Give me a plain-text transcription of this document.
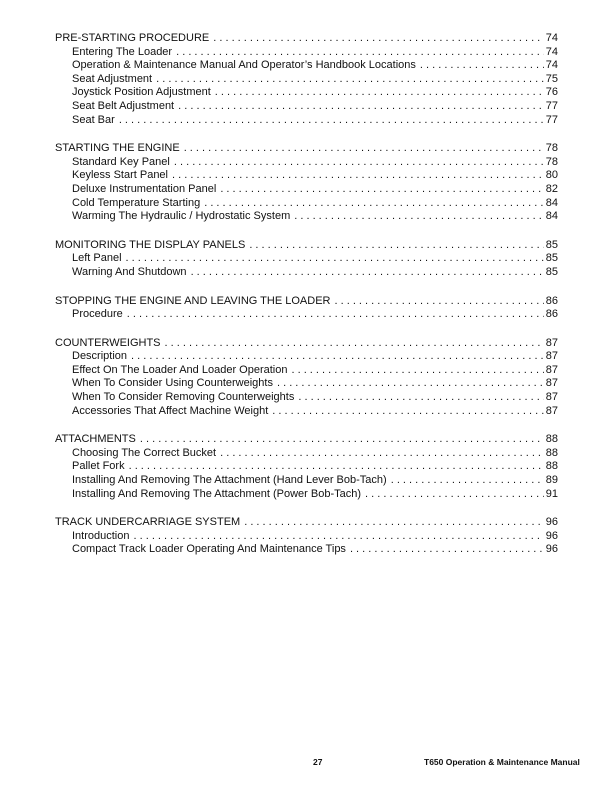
PRE-STARTING PROCEDURE . . .	74
Entering The Loader . . .	74
Operation & Maintenance Manual And Operator’s Handbook Locations . . .	74
Seat Adjustment . . .	75
Joystick Position Adjustment . . .	76
Seat Belt Adjustment . . .	77
Seat Bar . . .	77
STARTING THE ENGINE . . .	78
Standard Key Panel . . .	78
Keyless Start Panel . . .	80
Deluxe Instrumentation Panel . . .	82
Cold Temperature Starting . . .	84
Warming The Hydraulic / Hydrostatic System . . .	84
MONITORING THE DISPLAY PANELS . . .	85
Left Panel . . .	85
Warning And Shutdown . . .	85
STOPPING THE ENGINE AND LEAVING THE LOADER . . .	86
Procedure . . .	86
COUNTERWEIGHTS . . .	87
Description . . .	87
Effect On The Loader And Loader Operation . . .	87
When To Consider Using Counterweights . . .	87
When To Consider Removing Counterweights . . .	87
Accessories That Affect Machine Weight . . .	87
ATTACHMENTS . . .	88
Choosing The Correct Bucket . . .	88
Pallet Fork . . .	88
Installing And Removing The Attachment (Hand Lever Bob-Tach) . . .	89
Installing And Removing The Attachment (Power Bob-Tach) . . .	91
TRACK UNDERCARRIAGE SYSTEM . . .	96
Introduction . . .	96
Compact Track Loader Operating And Maintenance Tips . . .	96
27	T650 Operation & Maintenance Manual
